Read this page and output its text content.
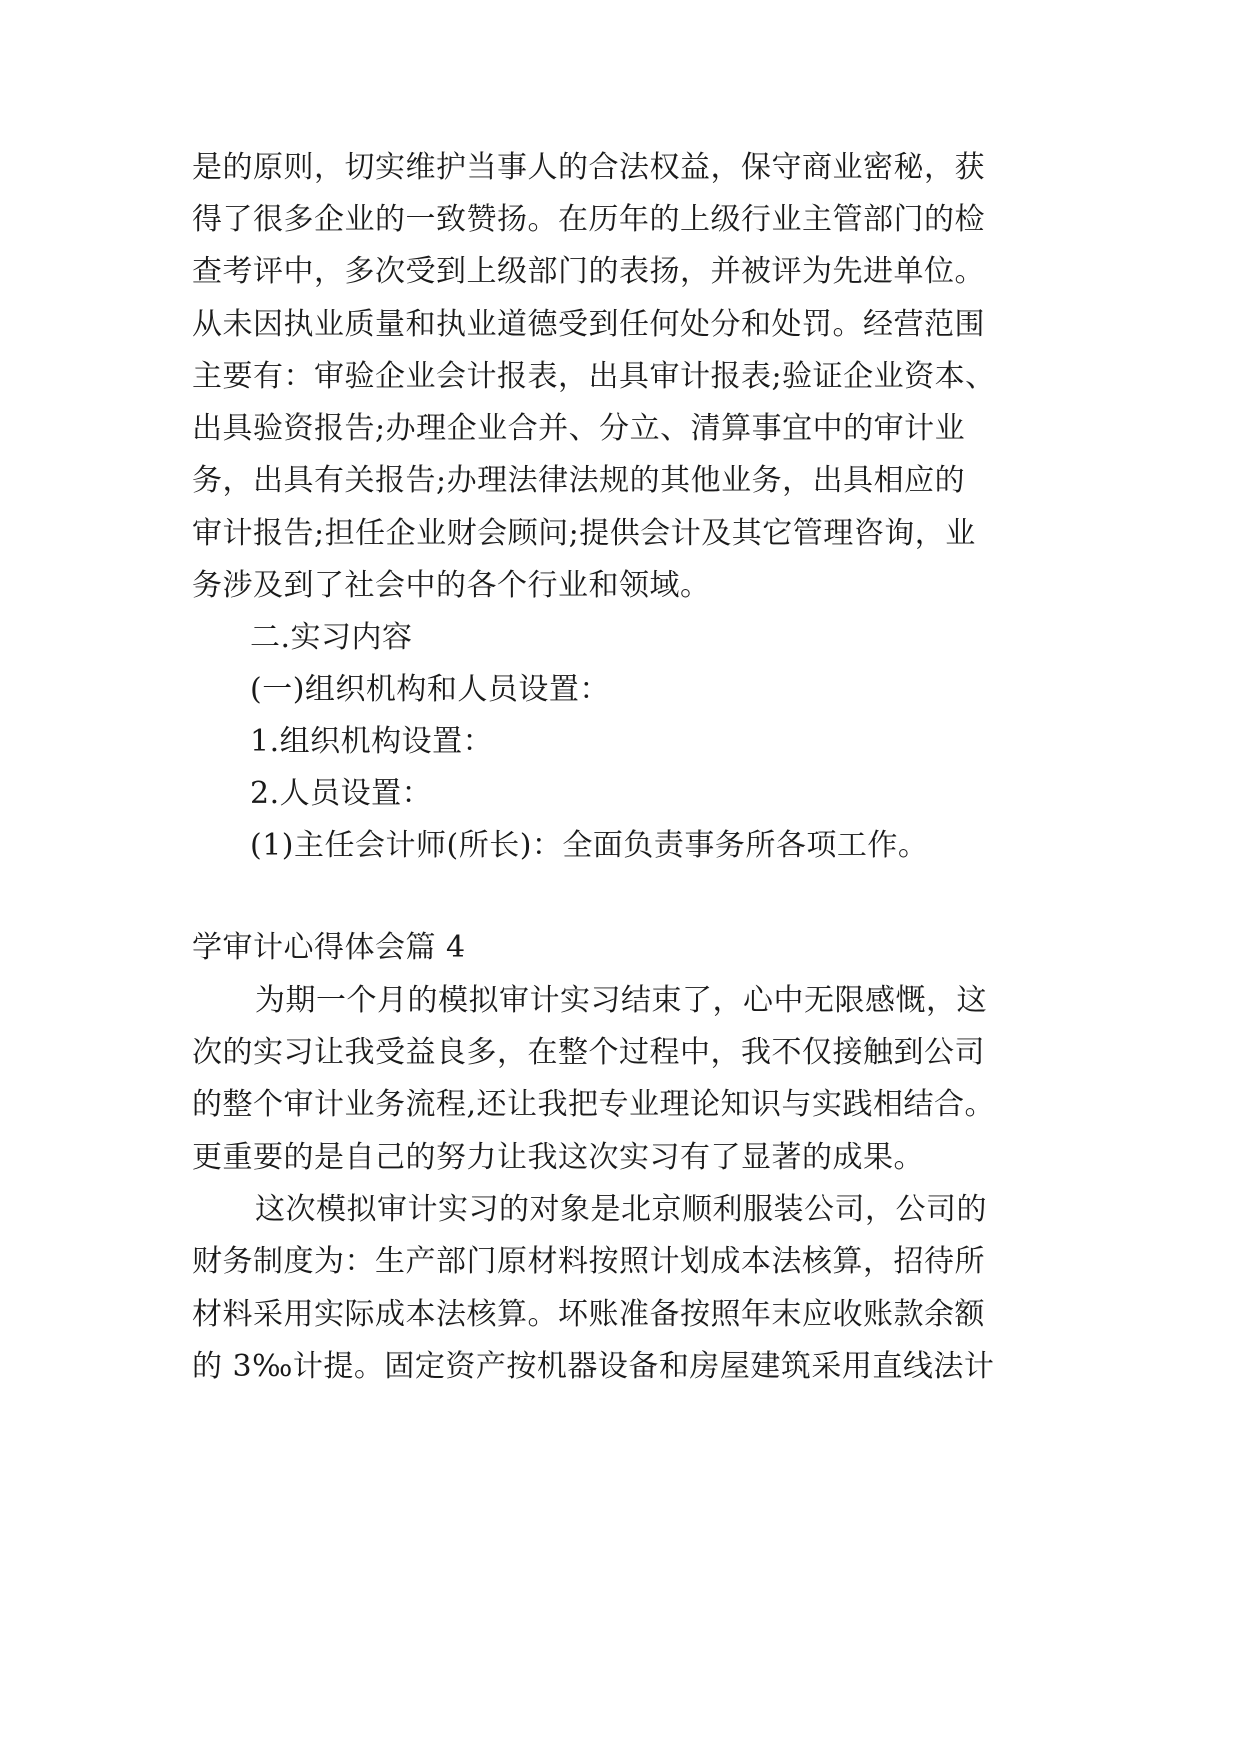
是的原则，切实维护当事人的合法权益，保守商业密秘，获
得了很多企业的一致赞扬。在历年的上级行业主管部门的检
查考评中，多次受到上级部门的表扬，并被评为先进单位。
从未因执业质量和执业道德受到任何处分和处罚。经营范围
主要有：审验企业会计报表，出具审计报表;验证企业资本、
出具验资报告;办理企业合并、分立、清算事宜中的审计业
务，出具有关报告;办理法律法规的其他业务，出具相应的
审计报告;担任企业财会顾问;提供会计及其它管理咨询，业
务涉及到了社会中的各个行业和领域。
二.实习内容
(一)组织机构和人员设置：
1.组织机构设置：
2.人员设置：
(1)主任会计师(所长)：全面负责事务所各项工作。
学审计心得体会篇 4
为期一个月的模拟审计实习结束了，心中无限感慨，这
次的实习让我受益良多，在整个过程中，我不仅接触到公司
的整个审计业务流程,还让我把专业理论知识与实践相结合。
更重要的是自己的努力让我这次实习有了显著的成果。
这次模拟审计实习的对象是北京顺利服装公司，公司的
财务制度为：生产部门原材料按照计划成本法核算，招待所
材料采用实际成本法核算。坏账准备按照年末应收账款余额
的 3‰计提。固定资产按机器设备和房屋建筑采用直线法计
